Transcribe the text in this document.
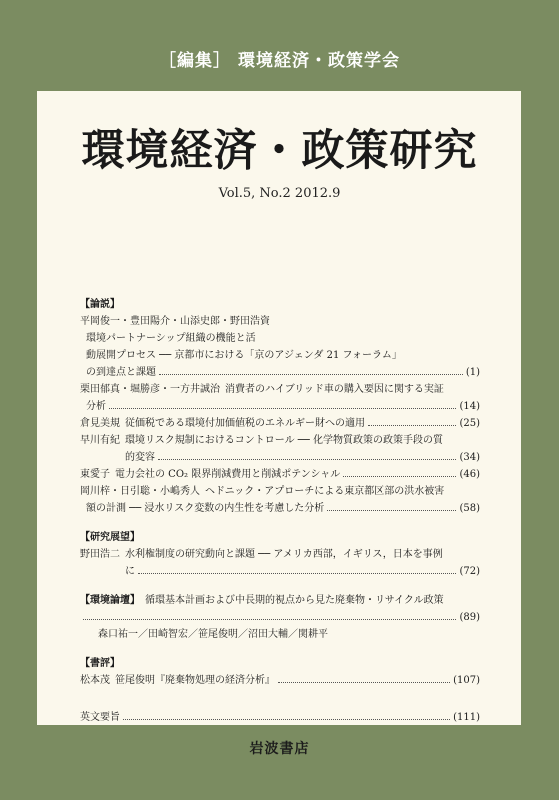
［編集］ 環境経済・政策学会
環境経済・政策研究
Vol.5, No.2 2012.9
【論説】
平岡俊一・豊田陽介・山添史郎・野田浩資
環境パートナーシップ組織の機能と活
動展開プロセス ── 京都市における「京のアジェンダ 21 フォーラム」
の到達点と課題	(1)
栗田郁真・堀勝彦・一方井誠治 消費者のハイブリッド車の購入要因に関する実証
分析	(14)
倉見美規 従価税である環境付加価値税のエネルギー財への適用	(25)
早川有紀 環境リスク規制におけるコントロール ── 化学物質政策の政策手段の質
的変容	(34)
東愛子 電力会社の CO₂ 限界削減費用と削減ポテンシャル	(46)
岡川梓・日引聡・小嶋秀人 ヘドニック・アプローチによる東京都区部の洪水被害
額の計測 ── 浸水リスク変数の内生性を考慮した分析	(58)
【研究展望】
野田浩二 水利権制度の研究動向と課題 ── アメリカ西部，イギリス，日本を事例
に	(72)
【環境論壇】 循環基本計画および中長期的視点から見た廃棄物・リサイクル政策
(89)
森口祐一／田崎智宏／笹尾俊明／沼田大輔／関耕平
【書評】
松本茂 笹尾俊明『廃棄物処理の経済分析』	(107)
英文要旨	(111)
岩波書店
